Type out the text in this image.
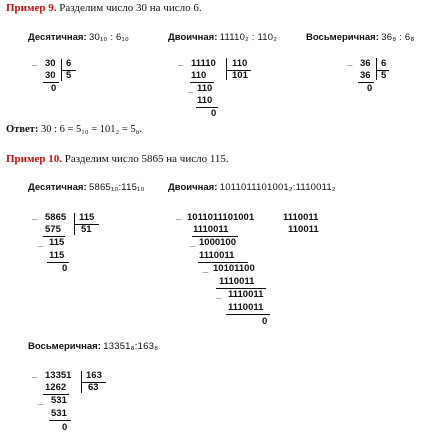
Пример 9. Разделим число 30 на число 6.
Десятичная: 30₁₀ : 6₁₀	Двоичная: 11110₂ : 110₂	Восьмеричная: 36₈ : 6₈
_ 30 6
5
30
0
_ 11110 110
101
110
_ 110
110
0
_ 36 6
5
36
0
Ответ: 30 : 6 = 5₁₀ = 101₂ = 5₈.
Пример 10. Разделим число 5865 на число 115.
Десятичная: 5865₁₀:115₁₀ Двоичная: 1011011101001₂:1110011₂
_ 5865 115
51
575
_ 115
115
0
_ 1011011101001	1110011
110011
1110011
_ 1000100
1110011
_ 10101100
1110011
_ 1110011
1110011
0
Восьмеричная: 13351₈:163₈
_ 13351 163
63
1262
_ 531
531
0
